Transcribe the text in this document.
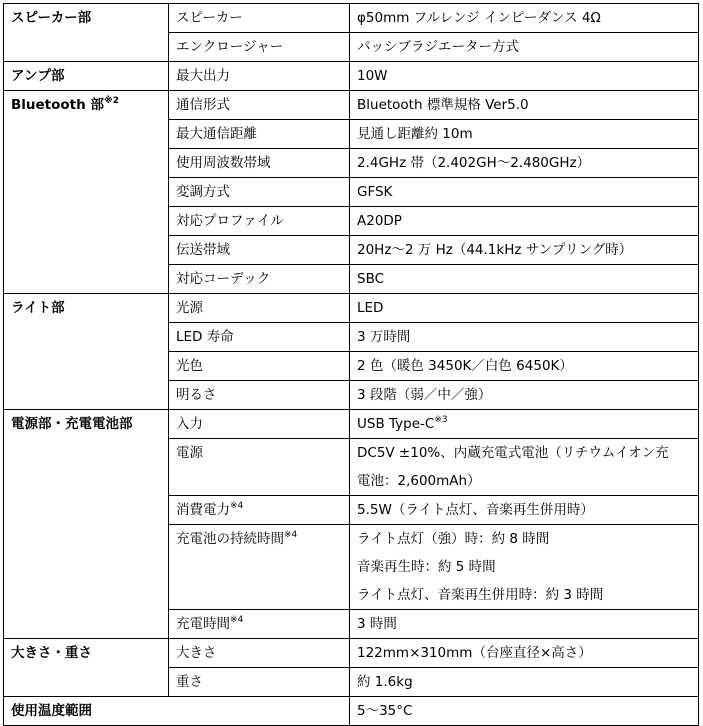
スピーカー部	スピーカー	φ50mm フルレンジ インピーダンス 4Ω
	エンクロージャー	パッシブラジエーター方式
アンプ部	最大出力	10W
Bluetooth 部$^{※2}$	通信形式	Bluetooth 標準規格 Ver5.0
	最大通信距離	見通し距離約 10m
	使用周波数帯域	2.4GHz 帯（2.402GH〜2.480GHz）
	変調方式	GFSK
	対応プロファイル	A20DP
	伝送帯域	20Hz〜2 万 Hz（44.1kHz サンプリング時）
	対応コーデック	SBC
ライト部	光源	LED
	LED 寿命	3 万時間
	光色	2 色（暖色 3450K／白色 6450K）
	明るさ	3 段階（弱／中／強）
電源部・充電電池部	入力	USB Type-$C^{※3}$
	電源	DC5V ±10%、内蔵充電式電池（リチウムイオン充
電池：2,600mAh）

	消費電力$^{※4}$	5.5W（ライト点灯、音楽再生併用時）
	充電池の持続時間$^{※4}$	ライト点灯（強）時：約 8 時間
音楽再生時：約 5 時間
ライト点灯、音楽再生併用時：約 3 時間

	充電時間$^{※4}$	3 時間
大きさ・重さ	大きさ	122mm×310mm（台座直径×高さ）
	重さ	約 1.6kg
使用温度範囲		5〜35°C
